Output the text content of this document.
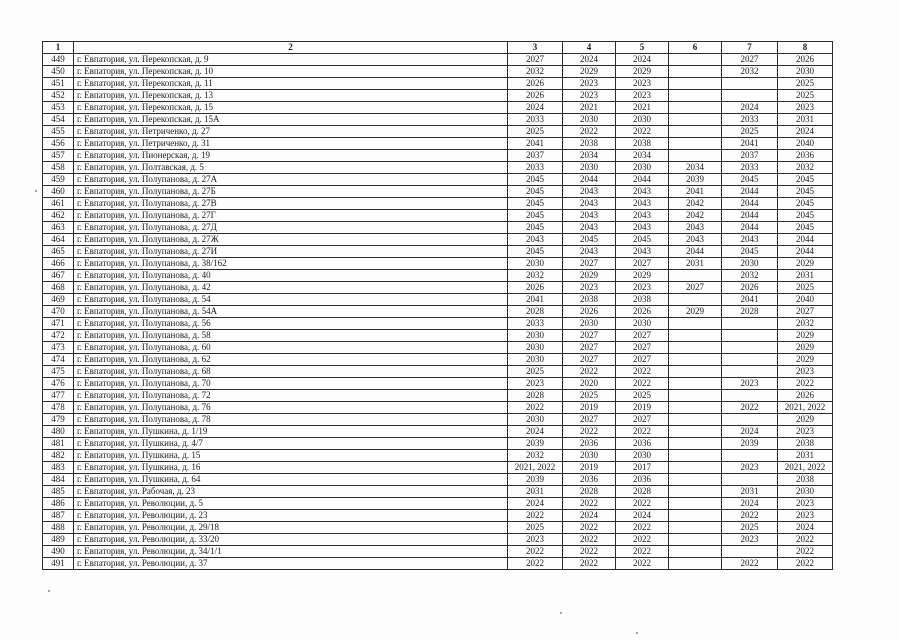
1	2	3	4	5	6	7	8
449	г. Евпатория, ул. Перекопская, д. 9	2027	2024	2024		2027	2026
450	г. Евпатория, ул. Перекопская, д. 10	2032	2029	2029		2032	2030
451	г. Евпатория, ул. Перекопская, д. 11	2026	2023	2023			2025
452	г. Евпатория, ул. Перекопская, д. 13	2026	2023	2023			2025
453	г. Евпатория, ул. Перекопская, д. 15	2024	2021	2021		2024	2023
454	г. Евпатория, ул. Перекопская, д. 15А	2033	2030	2030		2033	2031
455	г. Евпатория, ул. Петриченко, д. 27	2025	2022	2022		2025	2024
456	г. Евпатория, ул. Петриченко, д. 31	2041	2038	2038		2041	2040
457	г. Евпатория, ул. Пионерская, д. 19	2037	2034	2034		2037	2036
458	г. Евпатория, ул. Полтавская, д. 5	2033	2030	2030	2034	2033	2032
459	г. Евпатория, ул. Полупанова, д. 27А	2045	2044	2044	2039	2045	2045
460	г. Евпатория, ул. Полупанова, д. 27Б	2045	2043	2043	2041	2044	2045
461	г. Евпатория, ул. Полупанова, д. 27В	2045	2043	2043	2042	2044	2045
462	г. Евпатория, ул. Полупанова, д. 27Г	2045	2043	2043	2042	2044	2045
463	г. Евпатория, ул. Полупанова, д. 27Д	2045	2043	2043	2043	2044	2045
464	г. Евпатория, ул. Полупанова, д. 27Ж	2043	2045	2045	2043	2043	2044
465	г. Евпатория, ул. Полупанова, д. 27И	2045	2043	2043	2044	2045	2044
466	г. Евпатория, ул. Полупанова, д. 38/162	2030	2027	2027	2031	2030	2029
467	г. Евпатория, ул. Полупанова, д. 40	2032	2029	2029		2032	2031
468	г. Евпатория, ул. Полупанова, д. 42	2026	2023	2023	2027	2026	2025
469	г. Евпатория, ул. Полупанова, д. 54	2041	2038	2038		2041	2040
470	г. Евпатория, ул. Полупанова, д. 54А	2028	2026	2026	2029	2028	2027
471	г. Евпатория, ул. Полупанова, д. 56	2033	2030	2030			2032
472	г. Евпатория, ул. Полупанова, д. 58	2030	2027	2027			2029
473	г. Евпатория, ул. Полупанова, д. 60	2030	2027	2027			2029
474	г. Евпатория, ул. Полупанова, д. 62	2030	2027	2027			2029
475	г. Евпатория, ул. Полупанова, д. 68	2025	2022	2022			2023
476	г. Евпатория, ул. Полупанова, д. 70	2023	2020	2022		2023	2022
477	г. Евпатория, ул. Полупанова, д. 72	2028	2025	2025			2026
478	г. Евпатория, ул. Полупанова, д. 76	2022	2019	2019		2022	2021, 2022
479	г. Евпатория, ул. Полупанова, д. 78	2030	2027	2027			2029
480	г. Евпатория, ул. Пушкина, д. 1/19	2024	2022	2022		2024	2023
481	г. Евпатория, ул. Пушкина, д. 4/7	2039	2036	2036		2039	2038
482	г. Евпатория, ул. Пушкина, д. 15	2032	2030	2030			2031
483	г. Евпатория, ул. Пушкина, д. 16	2021, 2022	2019	2017		2023	2021, 2022
484	г. Евпатория, ул. Пушкина, д. 64	2039	2036	2036			2038
485	г. Евпатория, ул. Рабочая, д. 23	2031	2028	2028		2031	2030
486	г. Евпатория, ул. Революции, д. 5	2024	2022	2022		2024	2023
487	г. Евпатория, ул. Революции, д. 23	2022	2024	2024		2022	2023
488	г. Евпатория, ул. Революции, д. 29/18	2025	2022	2022		2025	2024
489	г. Евпатория, ул. Революции, д. 33/20	2023	2022	2022		2023	2022
490	г. Евпатория, ул. Революции, д. 34/1/1	2022	2022	2022			2022
491	г. Евпатория, ул. Революции, д. 37	2022	2022	2022		2022	2022
